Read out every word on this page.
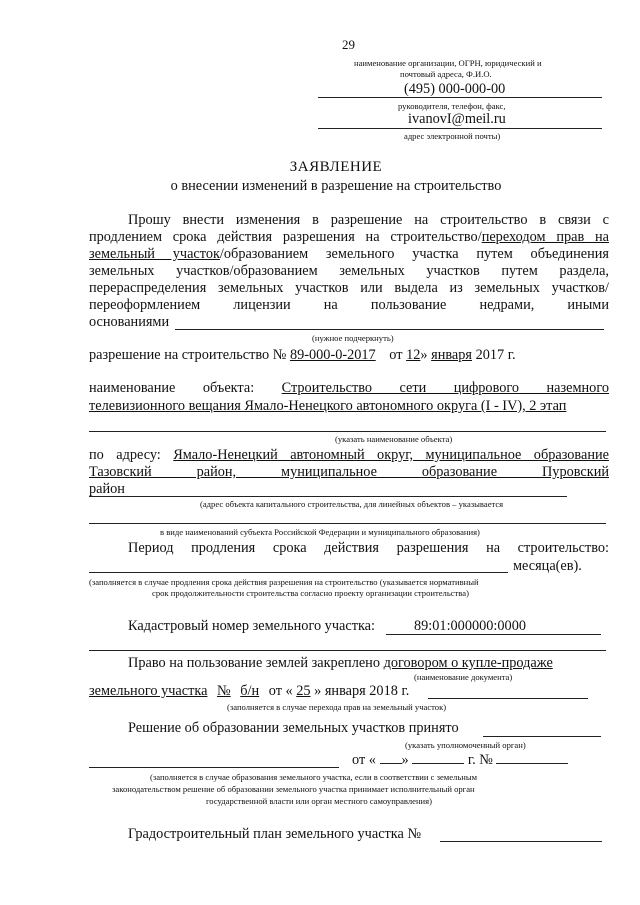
29
наименование организации, ОГРН, юридический и
почтовый адреса, Ф.И.О.
(495) 000-000-00
руководителя, телефон, факс,
ivanovI@meil.ru
адрес электронной почты)
ЗАЯВЛЕНИЕ
о внесении изменений в разрешение на строительство
Прошу внести изменения в разрешение на строительство в связи с
продлением срока действия разрешения на строительство/переходом прав на
земельный участок/образованием земельного участка путем объединения
земельных участков/образованием земельных участков путем раздела,
перераспределения земельных участков или выдела из земельных участков/
переоформлением лицензии на пользование недрами, иными
основаниями
(нужное подчеркнуть)
разрешение на строительство № 89-000-0-2017 от 12» января 2017 г.
наименование объекта: Строительство сети цифрового наземного
телевизионного вещания Ямало-Ненецкого автономного округа (I - IV), 2 этап
(указать наименование объекта)
по адресу: Ямало-Ненецкий автономный округ, муниципальное образование
Тазовский район, муниципальное образование Пуровский
район
(адрес объекта капитального строительства, для линейных объектов – указывается
в виде наименований субъекта Российской Федерации и муниципального образования)
Период продления срока действия разрешения на строительство:
месяца(ев).
(заполняется в случае продления срока действия разрешения на строительство (указывается нормативный
срок продолжительности строительства согласно проекту организации строительства)
Кадастровый номер земельного участка:	89:01:000000:0000
Право на пользование землей закреплено договором о купле-продаже
(наименование документа)
земельного участка № б/н от « 25 » января 2018 г.
(заполняется в случае перехода прав на земельный участок)
Решение об образовании земельных участков принято
(указать уполномоченный орган)
от « »	г. №
(заполняется в случае образования земельного участка, если в соответствии с земельным
законодательством решение об образовании земельного участка принимает исполнительный орган
государственной власти или орган местного самоуправления)
Градостроительный план земельного участка №
